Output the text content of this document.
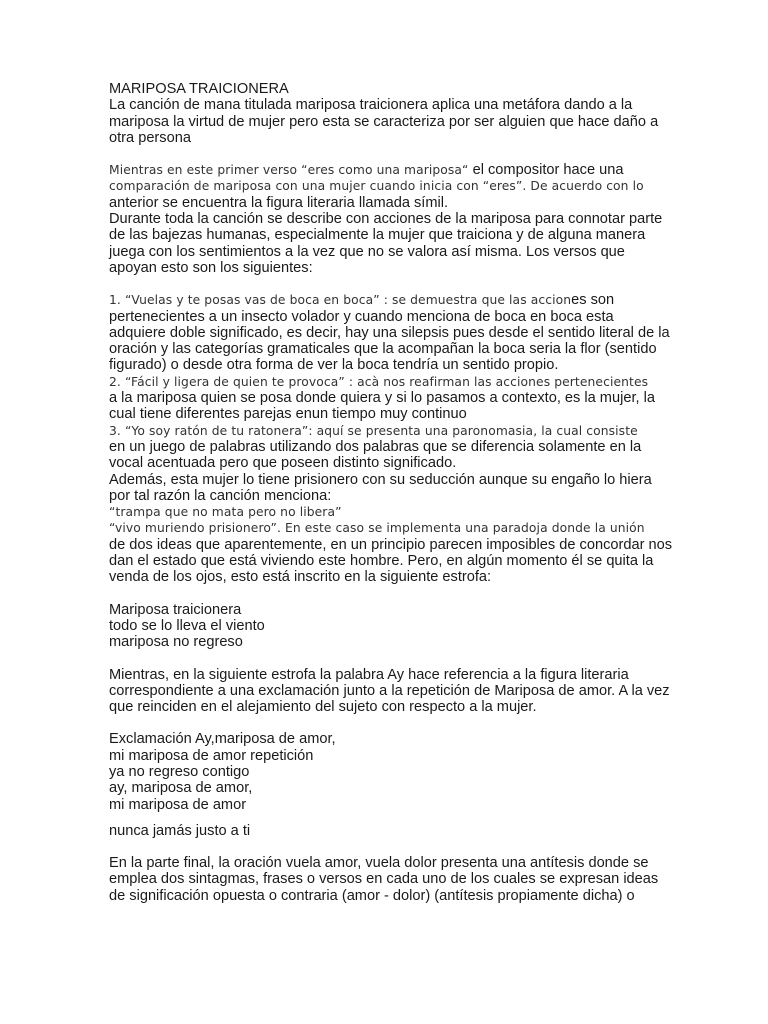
MARIPOSA TRAICIONERA
La canción de mana titulada mariposa traicionera aplica una metáfora dando a la
mariposa la virtud de mujer pero esta se caracteriza por ser alguien que hace daño a
otra persona
Mientras en este primer verso “eres como una mariposa“ el compositor hace una
comparación de mariposa con una mujer cuando inicia con “eres”. De acuerdo con lo
anterior se encuentra la figura literaria llamada símil.
Durante toda la canción se describe con acciones de la mariposa para connotar parte
de las bajezas humanas, especialmente la mujer que traiciona y de alguna manera
juega con los sentimientos a la vez que no se valora así misma. Los versos que
apoyan esto son los siguientes:
1. “Vuelas y te posas vas de boca en boca” : se demuestra que las acciones son
pertenecientes a un insecto volador y cuando menciona de boca en boca esta
adquiere doble significado, es decir, hay una silepsis pues desde el sentido literal de la
oración y las categorías gramaticales que la acompañan la boca seria la flor (sentido
figurado) o desde otra forma de ver la boca tendría un sentido propio.
2. “Fácil y ligera de quien te provoca” : acà nos reafirman las acciones pertenecientes
a la mariposa quien se posa donde quiera y si lo pasamos a contexto, es la mujer, la
cual tiene diferentes parejas enun tiempo muy continuo
3. “Yo soy ratón de tu ratonera”: aquí se presenta una paronomasia, la cual consiste
en un juego de palabras utilizando dos palabras que se diferencia solamente en la
vocal acentuada pero que poseen distinto significado.
Además, esta mujer lo tiene prisionero con su seducción aunque su engaño lo hiera
por tal razón la canción menciona:
“trampa que no mata pero no libera”
“vivo muriendo prisionero”. En este caso se implementa una paradoja donde la unión
de dos ideas que aparentemente, en un principio parecen imposibles de concordar nos
dan el estado que está viviendo este hombre. Pero, en algún momento él se quita la
venda de los ojos, esto está inscrito en la siguiente estrofa:
Mariposa traicionera
todo se lo lleva el viento
mariposa no regreso
Mientras, en la siguiente estrofa la palabra Ay hace referencia a la figura literaria
correspondiente a una exclamación junto a la repetición de Mariposa de amor. A la vez
que reinciden en el alejamiento del sujeto con respecto a la mujer.
Exclamación Ay,mariposa de amor,
mi mariposa de amor repetición
ya no regreso contigo
ay, mariposa de amor,
mi mariposa de amor
nunca jamás justo a ti
En la parte final, la oración vuela amor, vuela dolor presenta una antítesis donde se
emplea dos sintagmas, frases o versos en cada uno de los cuales se expresan ideas
de significación opuesta o contraria (amor - dolor) (antítesis propiamente dicha) o
